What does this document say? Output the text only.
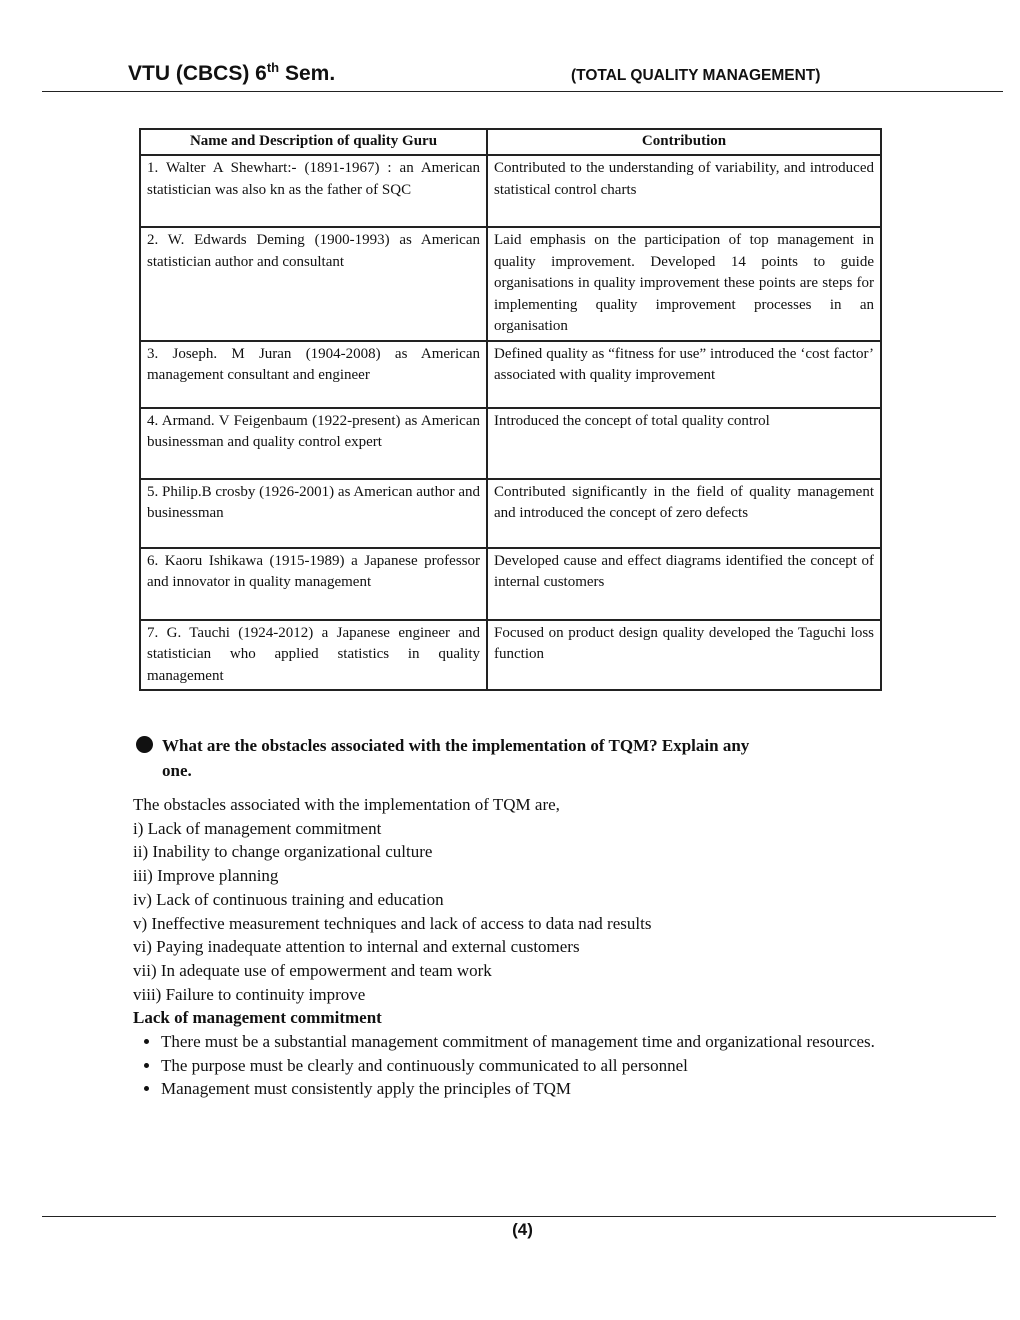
VTU (CBCS) 6th Sem.	(TOTAL QUALITY MANAGEMENT)
Name and Description of quality Guru	Contribution
1. Walter A Shewhart:- (1891-1967) : an American statistician was also kn as the father of SQC	Contributed to the understanding of variability, and introduced statistical control charts
2. W. Edwards Deming (1900-1993) as American statistician author and consultant	Laid emphasis on the participation of top management in quality improvement. Developed 14 points to guide organisations in quality improvement these points are steps for implementing quality improvement processes in an organisation
3. Joseph. M Juran (1904-2008) as American management consultant and engineer	Defined quality as “fitness for use” introduced the ‘cost factor’ associated with quality improvement
4. Armand. V Feigenbaum (1922-present) as American businessman and quality control expert	Introduced the concept of total quality control
5. Philip.B crosby (1926-2001) as American author and businessman	Contributed significantly in the field of quality management and introduced the concept of zero defects
6. Kaoru Ishikawa (1915-1989) a Japanese professor and innovator in quality management	Developed cause and effect diagrams identified the concept of internal customers
7. G. Tauchi (1924-2012) a Japanese engineer and statistician who applied statistics in quality management	Focused on product design quality developed the Taguchi loss function
What are the obstacles associated with the implementation of TQM? Explain any
one.

The obstacles associated with the implementation of TQM are,

i) Lack of management commitment

ii) Inability to change organizational culture

iii) Improve planning

iv) Lack of continuous training and education

v) Ineffective measurement techniques and lack of access to data nad results

vi) Paying inadequate attention to internal and external customers

vii) In adequate use of empowerment and team work

viii) Failure to continuity improve

Lack of management commitment

• There must be a substantial management commitment of management time and organizational resources.
• The purpose must be clearly and continuously communicated to all personnel
• Management must consistently apply the principles of TQM
(4)
